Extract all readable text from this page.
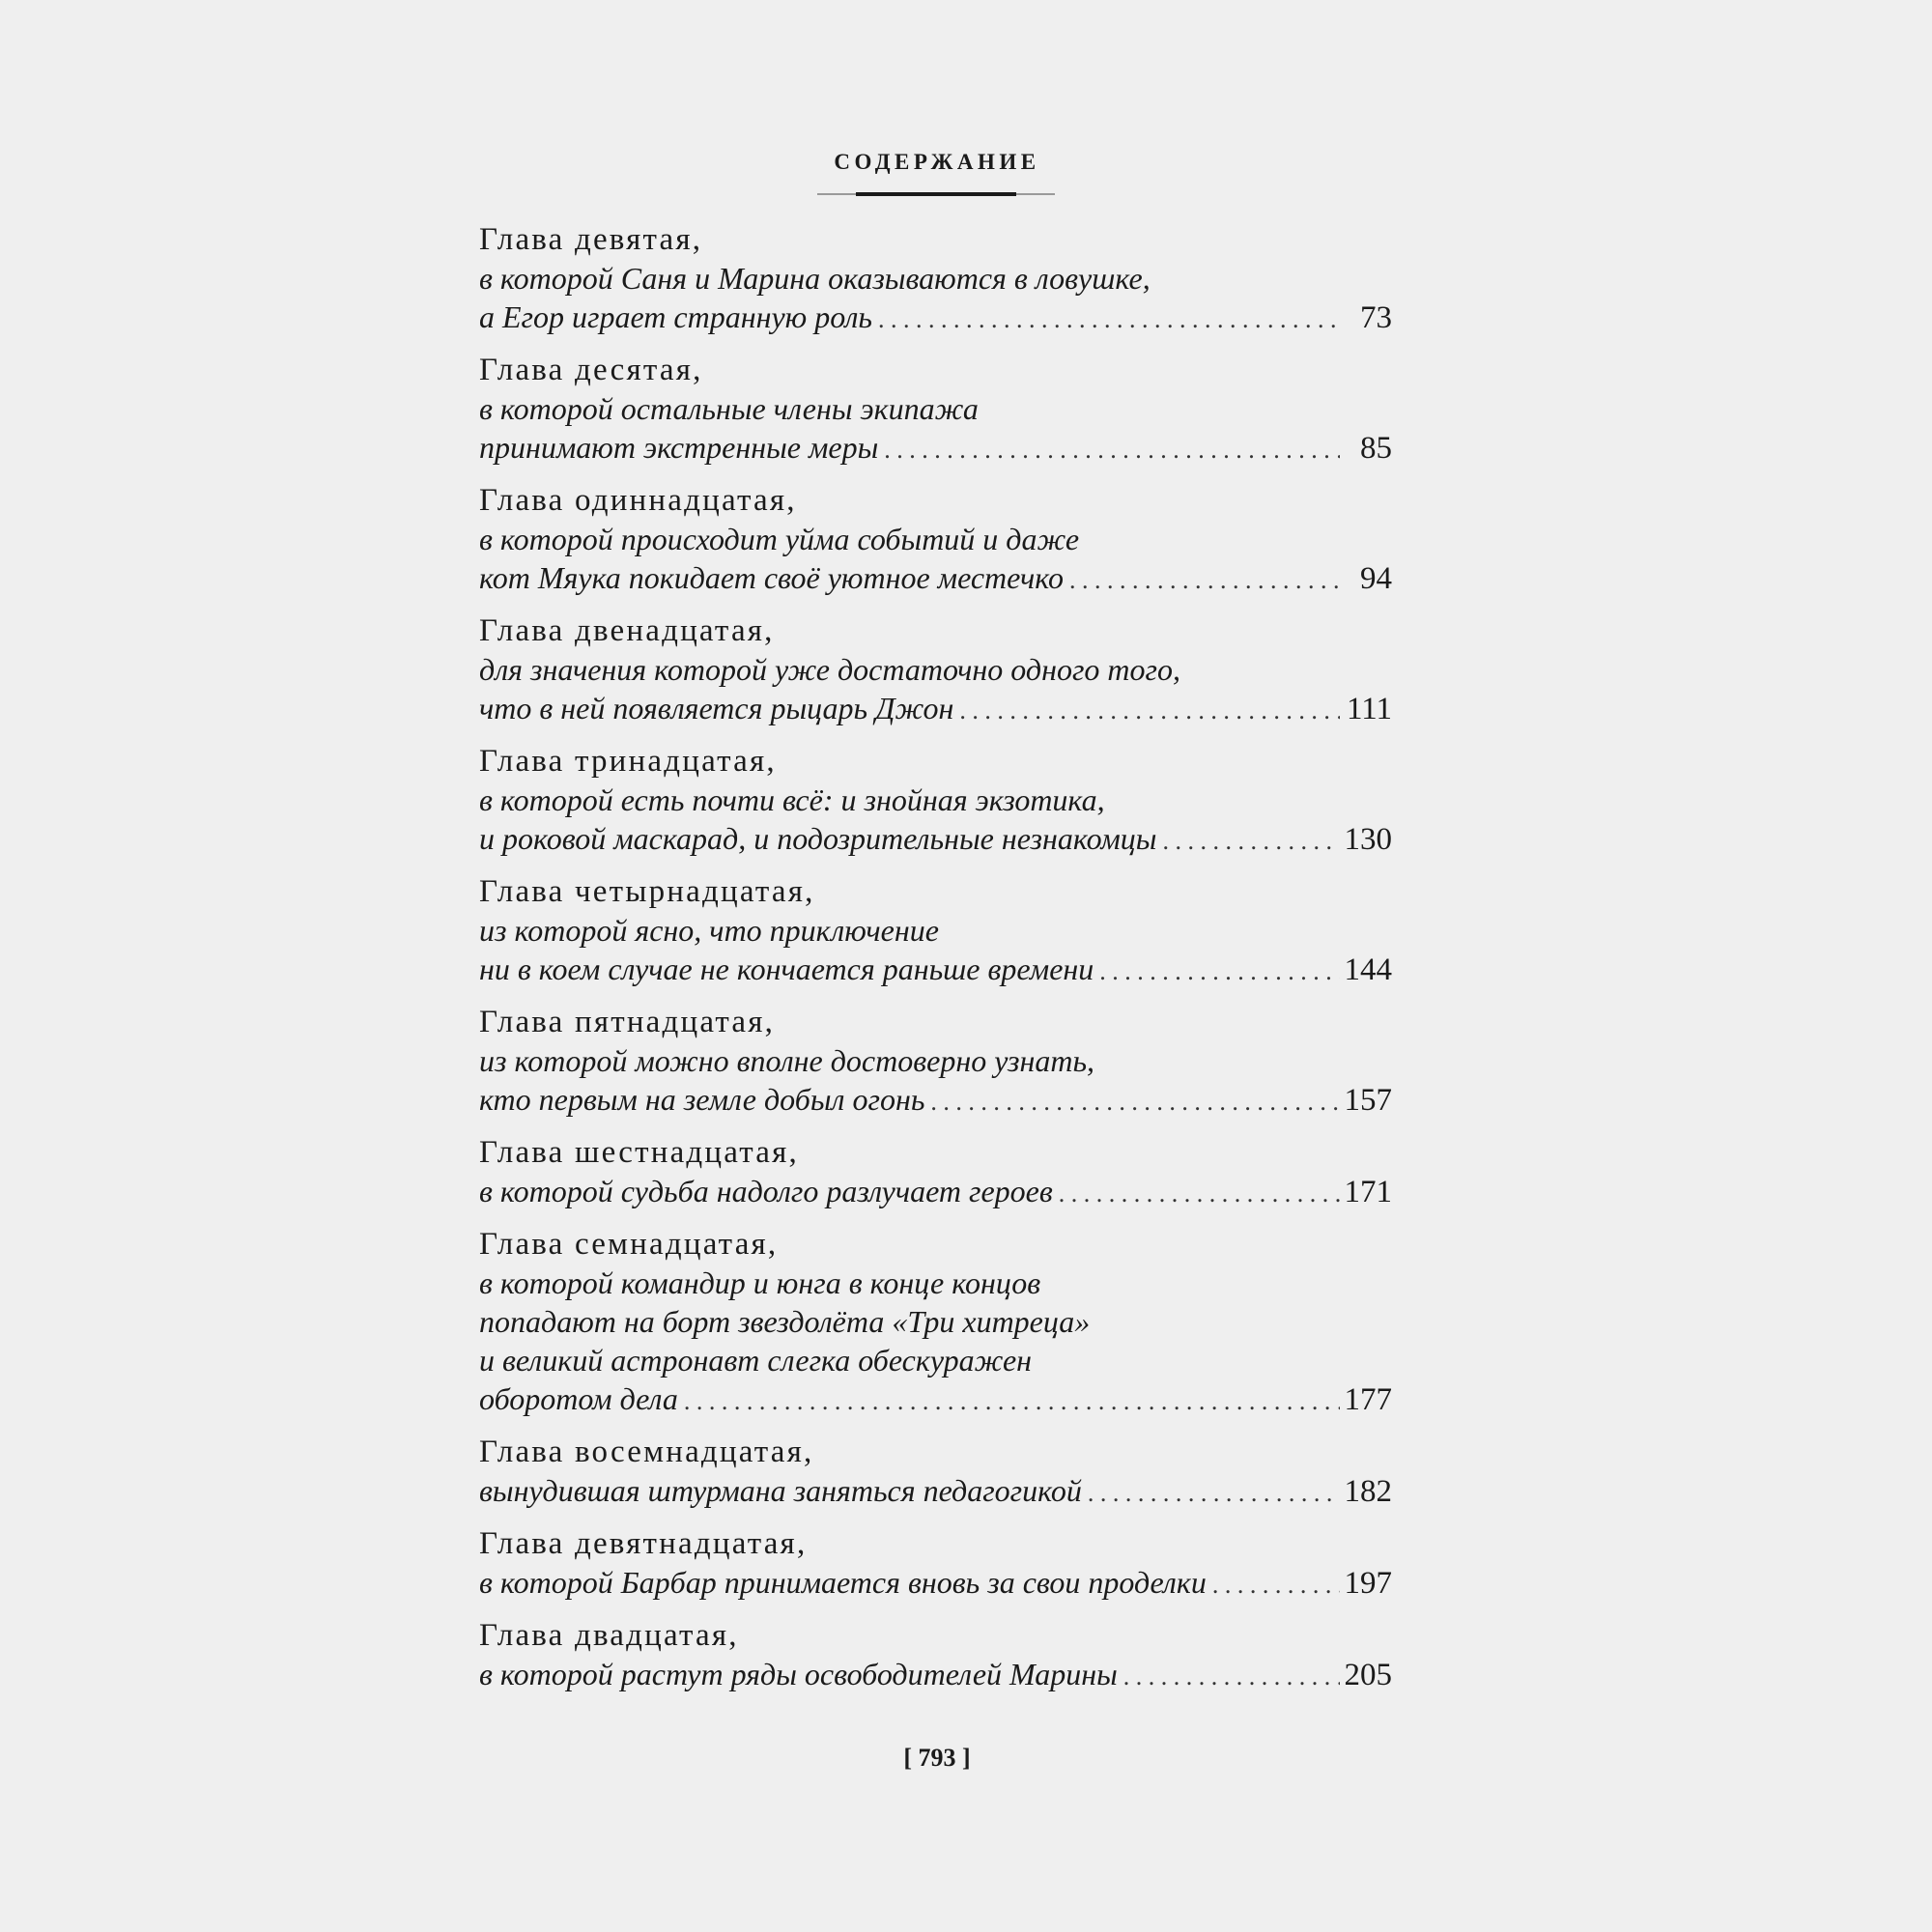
СОДЕРЖАНИЕ
Глава девятая,
в которой Саня и Марина оказываются в ловушке,
а Егор играет странную роль . . .	73
Глава десятая,
в которой остальные члены экипажа
принимают экстренные меры . . .	85
Глава одиннадцатая,
в которой происходит уйма событий и даже
кот Мяука покидает своё уютное местечко . . .	94
Глава двенадцатая,
для значения которой уже достаточно одного того,
что в ней появляется рыцарь Джон . . .	111
Глава тринадцатая,
в которой есть почти всё: и знойная экзотика,
и роковой маскарад, и подозрительные незнакомцы . . .	130
Глава четырнадцатая,
из которой ясно, что приключение
ни в коем случае не кончается раньше времени . . .	144
Глава пятнадцатая,
из которой можно вполне достоверно узнать,
кто первым на земле добыл огонь . . .	157
Глава шестнадцатая,
в которой судьба надолго разлучает героев . . .	171
Глава семнадцатая,
в которой командир и юнга в конце концов
попадают на борт звездолёта «Три хитреца»
и великий астронавт слегка обескуражен
оборотом дела . . .	177
Глава восемнадцатая,
вынудившая штурмана заняться педагогикой . . .	182
Глава девятнадцатая,
в которой Барбар принимается вновь за свои проделки . . .	197
Глава двадцатая,
в которой растут ряды освободителей Марины . . .	205
[ 793 ]
